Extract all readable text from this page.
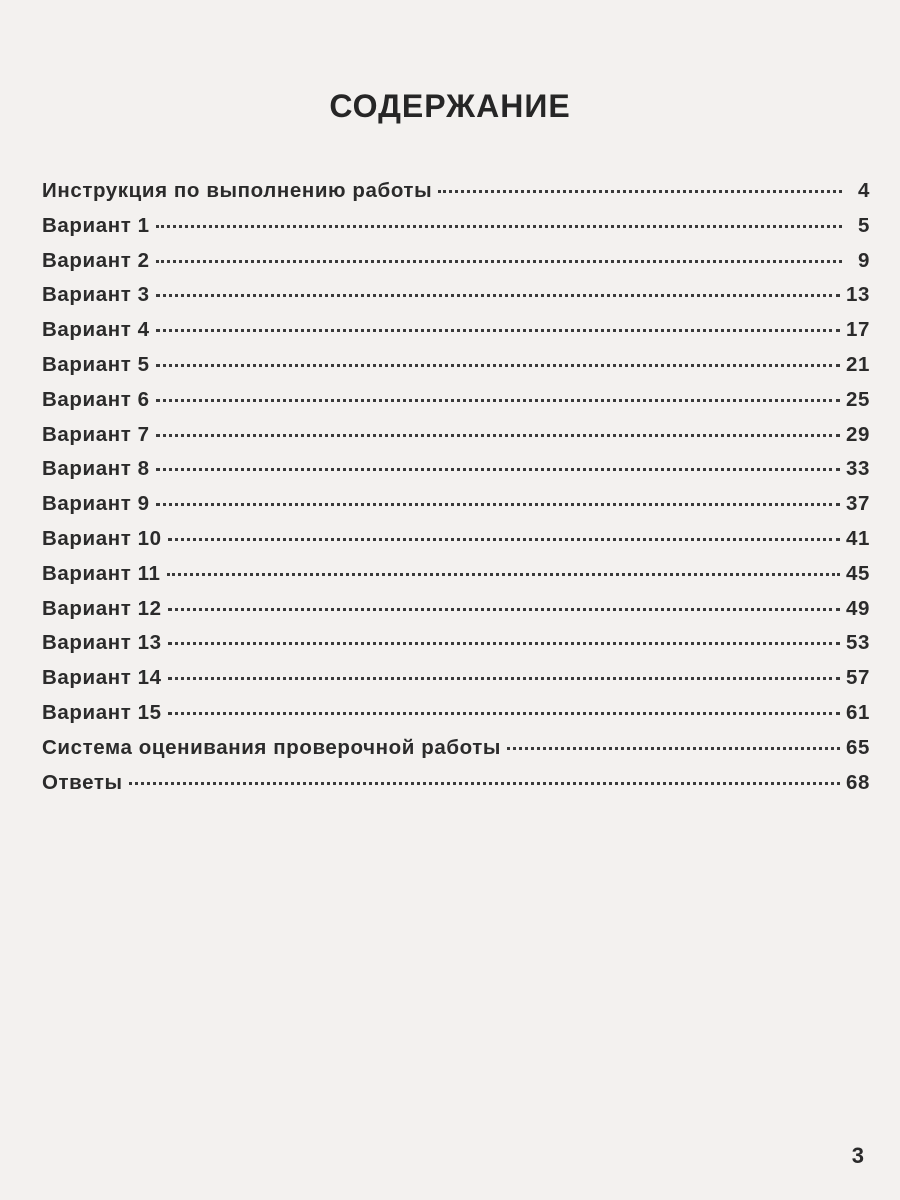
СОДЕРЖАНИЕ
Инструкция по выполнению работы	4
Вариант 1	5
Вариант 2	9
Вариант 3	13
Вариант 4	17
Вариант 5	21
Вариант 6	25
Вариант 7	29
Вариант 8	33
Вариант 9	37
Вариант 10	41
Вариант 11	45
Вариант 12	49
Вариант 13	53
Вариант 14	57
Вариант 15	61
Система оценивания проверочной работы	65
Ответы	68
3
